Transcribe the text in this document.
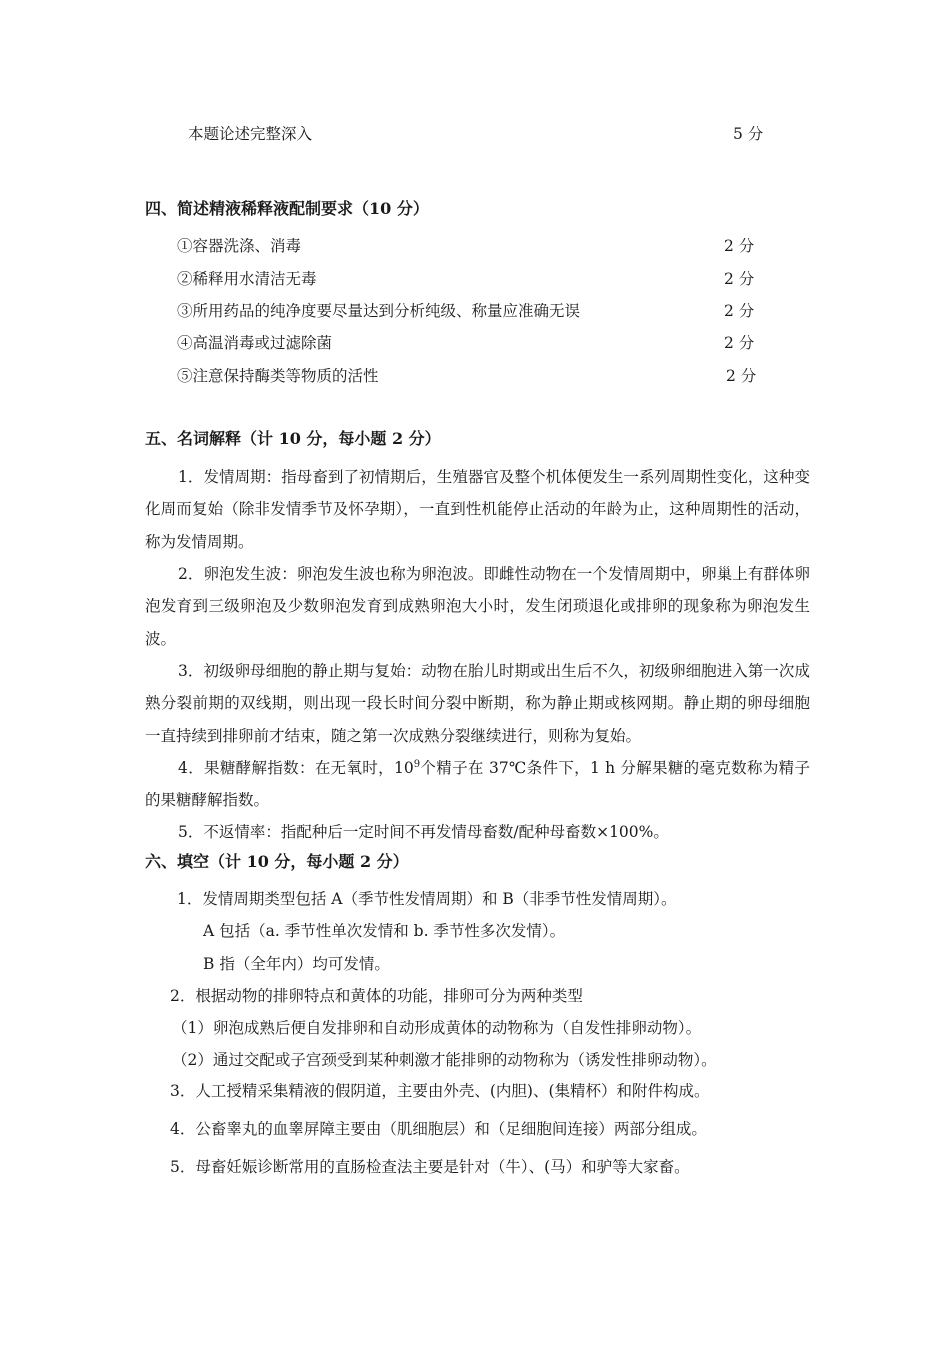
本题论述完整深入	5 分
四、简述精液稀释液配制要求（10 分）
①容器洗涤、消毒	2 分
②稀释用水清洁无毒	2 分
③所用药品的纯净度要尽量达到分析纯级、称量应准确无误	2 分
④高温消毒或过滤除菌	2 分
⑤注意保持酶类等物质的活性	2 分
五、名词解释（计 10 分，每小题 2 分）
1．发情周期：指母畜到了初情期后，生殖器官及整个机体便发生一系列周期性变化，这种变化周而复始（除非发情季节及怀孕期），一直到性机能停止活动的年龄为止，这种周期性的活动，称为发情周期。
2．卵泡发生波：卵泡发生波也称为卵泡波。即雌性动物在一个发情周期中，卵巢上有群体卵泡发育到三级卵泡及少数卵泡发育到成熟卵泡大小时，发生闭琐退化或排卵的现象称为卵泡发生波。
3．初级卵母细胞的静止期与复始：动物在胎儿时期或出生后不久，初级卵细胞进入第一次成熟分裂前期的双线期，则出现一段长时间分裂中断期，称为静止期或核网期。静止期的卵母细胞一直持续到排卵前才结束，随之第一次成熟分裂继续进行，则称为复始。
4．果糖酵解指数：在无氧时，$10^9$个精子在 37℃条件下，1 h 分解果糖的毫克数称为精子的果糖酵解指数。
5．不返情率：指配种后一定时间不再发情母畜数/配种母畜数×100%。
六、填空（计 10 分，每小题 2 分）
1．发情周期类型包括 A（季节性发情周期）和 B（非季节性发情周期）。
A 包括（a. 季节性单次发情和 b. 季节性多次发情）。
B 指（全年内）均可发情。
2．根据动物的排卵特点和黄体的功能，排卵可分为两种类型
（1）卵泡成熟后便自发排卵和自动形成黄体的动物称为（自发性排卵动物）。
（2）通过交配或子宫颈受到某种刺激才能排卵的动物称为（诱发性排卵动物）。
3．人工授精采集精液的假阴道，主要由外壳、(内胆)、(集精杯）和附件构成。
4．公畜睾丸的血睾屏障主要由（肌细胞层）和（足细胞间连接）两部分组成。
5．母畜妊娠诊断常用的直肠检查法主要是针对（牛）、(马）和驴等大家畜。
